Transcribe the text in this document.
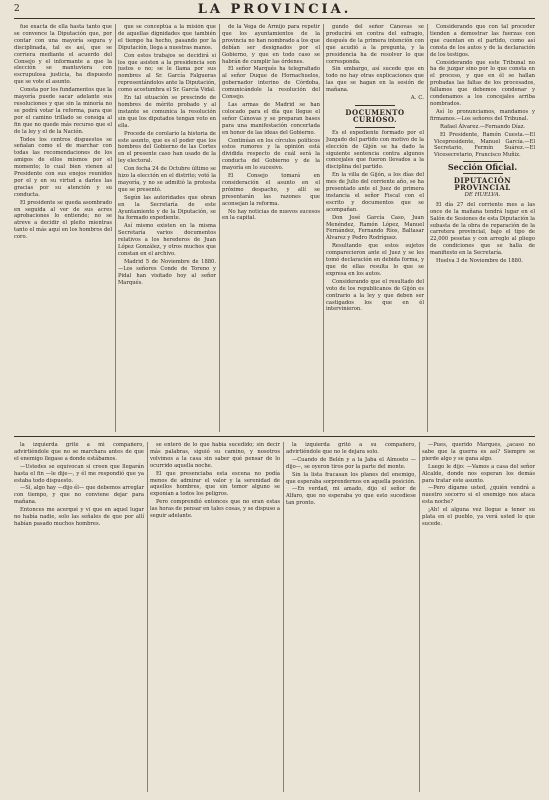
2	LA PROVINCIA.

fue exacta de ella hasta tanto que se convence la Diputación que, por contar con una mayoría segura y disciplinada, tal es así, que se corriera mediante el acuerdo del Consejo y el informante a que la elección se mantuviera con escrupulosa justicia, ha dispuesto que se vote el asunto.

Consta por los fundamentos que la mayoría puede sacar adelante sus resoluciones y que sin la minoría no se podrá votar la reforma, para que por el camino trillado se consiga al fin que no quede más recurso que el de la ley y el de la Nación.

Todos los centros dispuestos se señalan como el de marchar con todas las recomendaciones de los amigos de ellos mismos por el momento; lo cual bien vienen al Presidente con sus enojos reunidos por el y en su virtud a darles las gracias por su atención y su conducta.

El presidente se queda asombrado en seguida al ver de sus acres aprobaciones lo entiende; no se atreve a decidir el pleito mientras tanto el más aquí en los hombros del coro.

que se conceptúa a la misión que de aquellas dignidades que también el tiempo ha hecho, pasando por la Diputación, llega a nuestras manos.

Con estos trabajos se decidirá si los que asisten a la presidencia son justos o no; se le llama por sus nombres al Sr. García Falgueras representándolos ante la Diputación, como acostumbra el Sr. García Vidal.

En tal situación se prescinde de hombres de mérito probado y al instante se comunica la resolución sin que los diputados tengan voto en ella.

Procede de corolario la historia de este asunto, que es el poder que los hombres del Gobierno de las Cortes en el presente caso han usado de la ley electoral.

Con fecha 24 de Octubre último se hizo la elección en el distrito; votó la mayoría, y no se admitió la protesta que se presentó.

Según las autoridades que obran en la Secretaría de este Ayuntamiento y de la Diputación, se ha formado expediente.

Así mismo existen en la misma Secretaría varios documentos relativos a los herederos de Juan López González, y otros muchos que constan en el archivo.

Madrid 5 de Noviembre de 1880.—Los señores Conde de Toreno y Pidal han visitado hoy al señor Marqués.

de la Vega de Armijo para repetir que los ayuntamientos de la provincia no han nombrado a los que debían ser designados por el Gobierno, y que en todo caso se habrán de cumplir las órdenes.

El señor Marqués ha telegrafiado al señor Duque de Hornachuelos, gobernador interino de Córdoba, comunicándole la resolución del Consejo.

Las armas de Madrid se han colocado para el día que llegue el señor Cánovas y se preparan bases para una manifestación concertada en honor de las ideas del Gobierno.

Continúan en los círculos políticos estos rumores y la opinión está dividida respecto de cuál será la conducta del Gobierno y de la mayoría en lo sucesivo.

El Consejo tomará en consideración el asunto en el próximo despacho, y allí se presentarán las razones que aconsejan la reforma.

No hay noticias de nuevos sucesos en la capital.

gundo del señor Cánovas se producirá en contra del sufragio, después de la primera intención con que acudió a la pregunta, y la presidencia ha de resolver lo que corresponda.

Sin embargo, así sucede que en todo no hay otras explicaciones que las que se hagan en la sesión de mañana.

A. C.
DOCUMENTO CURIOSO.

Es el expediente formado por el Juzgado del partido con motivo de la elección de Gijón se ha dado la siguiente sentencia contra algunos concejales que fueron llevados a la disciplina del partido.

En la villa de Gijón, a los días del mes de Julio del corriente año, se ha presentado ante el Juez de primera instancia el señor Fiscal con el escrito y documentos que se acompañan.

Don José García Caso, Juan Menéndez, Ramón López, Manuel Fernández, Fernando Ríos, Baltasar Álvarez y Pedro Rodríguez.

Resultando que estos sujetos comparecieron ante el Juez y se les tomó declaración en debida forma, y que de ellas resulta lo que se expresa en los autos.

Considerando que el resultado del voto de los republicanos de Gijón es contrario a la ley y que deben ser castigados los que en él intervinieron.

Considerando que con tal proceder tienden a demostrar las fuerzas con que cuentan en el partido, como así consta de los autos y de la declaración de los testigos.

Considerando que este Tribunal no ha de juzgar sino por lo que consta en el proceso, y que en él se hallan probadas las faltas de los procesados, fallamos que debemos condenar y condenamos a los concejales arriba nombrados.

Así lo pronunciamos, mandamos y firmamos.—Los señores del Tribunal.

Rafael Álvarez.—Fernando Díaz.

El Presidente, Ramón Cuesta.—El Vicepresidente, Manuel García.—El Secretario, Fermín Suárez.—El Vicesecretario, Francisco Muñiz.

Sección Oficial.
DIPUTACIÓN PROVINCIAL
DE HUELVA.

El día 27 del corriente mes a las once de la mañana tendrá lugar en el Salón de Sesiones de esta Diputación la subasta de la obra de reparación de la carretera provincial, bajo el tipo de 22,000 pesetas y con arreglo al pliego de condiciones que se halla de manifiesto en la Secretaría.

Huelva 3 de Noviembre de 1880.

la izquierda grité a mi compañero, advirtiéndole que no se marchara antes de que el enemigo llegase a donde estábamos.

—Ustedes se equivocan si creen que llegarán hasta el fin —le dije—, y él me respondió que ya estaba todo dispuesto.

—Sí, algo hay —dijo él— que debemos arreglar con tiempo, y que no conviene dejar para mañana.

Entonces me acerqué y vi que en aquel lugar no había nadie, solo las señales de que por allí habían pasado muchos hombres.

se enteró de lo que había sucedido; sin decir más palabras, siguió su camino, y nosotros volvimos a la casa sin saber qué pensar de lo ocurrido aquella noche.

El que presenciaba esta escena no podía menos de admirar el valor y la serenidad de aquellos hombres, que sin temor alguno se exponían a todos los peligros.

Pero comprendió entonces que no eran estas las horas de pensar en tales cosas, y se dispuso a seguir adelante.

la izquierda gritó a su compañero, advirtiéndole que no le dejara solo.

—Cuando de Belén y a la Jaba el Almoeto —dijo—, se oyeron tiros por la parte del monte.

Sin la lista fracasan los planes del enemigo, que esperaba sorprendernos en aquella posición.

—En verdad, mi amado, dijo el señor de Alfaro, que no esperaba yo que esto sucediese tan pronto.

—Pues, querido Marqués, ¿acaso no sabe que la guerra es así? Siempre se pierde algo y se gana algo.

Luego le dijo: —Vamos a casa del señor Alcalde, donde nos esperan los demás para tratar este asunto.

—Pero dígame usted, ¿quién vendrá a nuestro socorro si el enemigo nos ataca esta noche?

¡Ah! el alguna vez llegue a tener su plata en el pueblo, ya verá usted lo que sucede.
